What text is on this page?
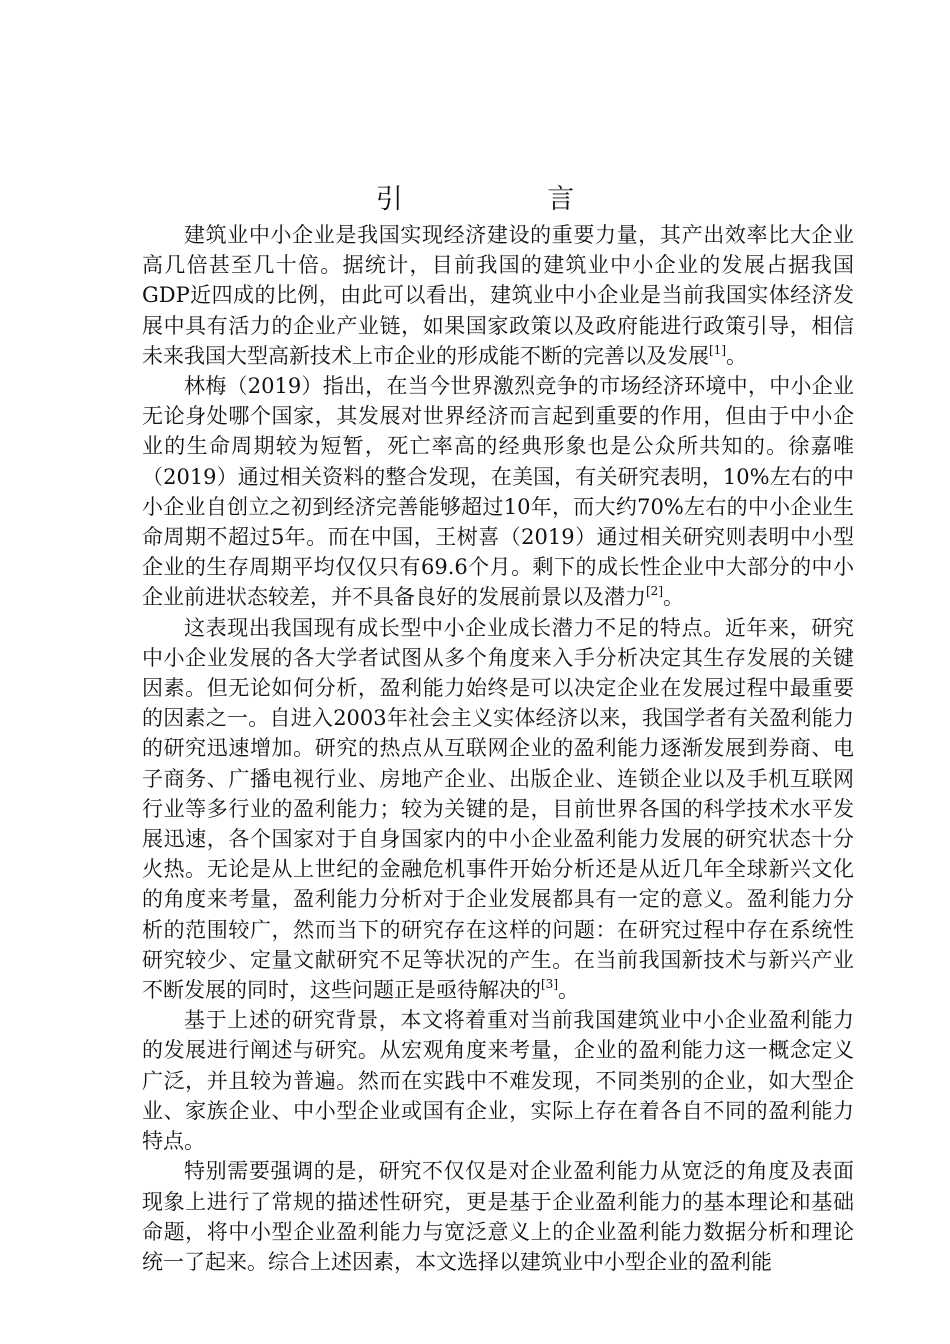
引 言

建筑业中小企业是我国实现经济建设的重要力量，其产出效率比大企业高几倍甚至几十倍。据统计，目前我国的建筑业中小企业的发展占据我国GDP近四成的比例，由此可以看出，建筑业中小企业是当前我国实体经济发展中具有活力的企业产业链，如果国家政策以及政府能进行政策引导，相信未来我国大型高新技术上市企业的形成能不断的完善以及发展[1]。

林梅（2019）指出，在当今世界激烈竞争的市场经济环境中，中小企业无论身处哪个国家，其发展对世界经济而言起到重要的作用，但由于中小企业的生命周期较为短暂，死亡率高的经典形象也是公众所共知的。徐嘉唯（2019）通过相关资料的整合发现，在美国，有关研究表明，10%左右的中小企业自创立之初到经济完善能够超过10年，而大约70%左右的中小企业生命周期不超过5年。而在中国，王树喜（2019）通过相关研究则表明中小型企业的生存周期平均仅仅只有69.6个月。剩下的成长性企业中大部分的中小企业前进状态较差，并不具备良好的发展前景以及潜力[2]。

这表现出我国现有成长型中小企业成长潜力不足的特点。近年来，研究中小企业发展的各大学者试图从多个角度来入手分析决定其生存发展的关键因素。但无论如何分析，盈利能力始终是可以决定企业在发展过程中最重要的因素之一。自进入2003年社会主义实体经济以来，我国学者有关盈利能力的研究迅速增加。研究的热点从互联网企业的盈利能力逐渐发展到券商、电子商务、广播电视行业、房地产企业、出版企业、连锁企业以及手机互联网行业等多行业的盈利能力；较为关键的是，目前世界各国的科学技术水平发展迅速，各个国家对于自身国家内的中小企业盈利能力发展的研究状态十分火热。无论是从上世纪的金融危机事件开始分析还是从近几年全球新兴文化的角度来考量，盈利能力分析对于企业发展都具有一定的意义。盈利能力分析的范围较广，然而当下的研究存在这样的问题：在研究过程中存在系统性研究较少、定量文献研究不足等状况的产生。在当前我国新技术与新兴产业不断发展的同时，这些问题正是亟待解决的[3]。

基于上述的研究背景，本文将着重对当前我国建筑业中小企业盈利能力的发展进行阐述与研究。从宏观角度来考量，企业的盈利能力这一概念定义广泛，并且较为普遍。然而在实践中不难发现，不同类别的企业，如大型企业、家族企业、中小型企业或国有企业，实际上存在着各自不同的盈利能力特点。

特别需要强调的是，研究不仅仅是对企业盈利能力从宽泛的角度及表面现象上进行了常规的描述性研究，更是基于企业盈利能力的基本理论和基础命题，将中小型企业盈利能力与宽泛意义上的企业盈利能力数据分析和理论统一了起来。综合上述因素，本文选择以建筑业中小型企业的盈利能
